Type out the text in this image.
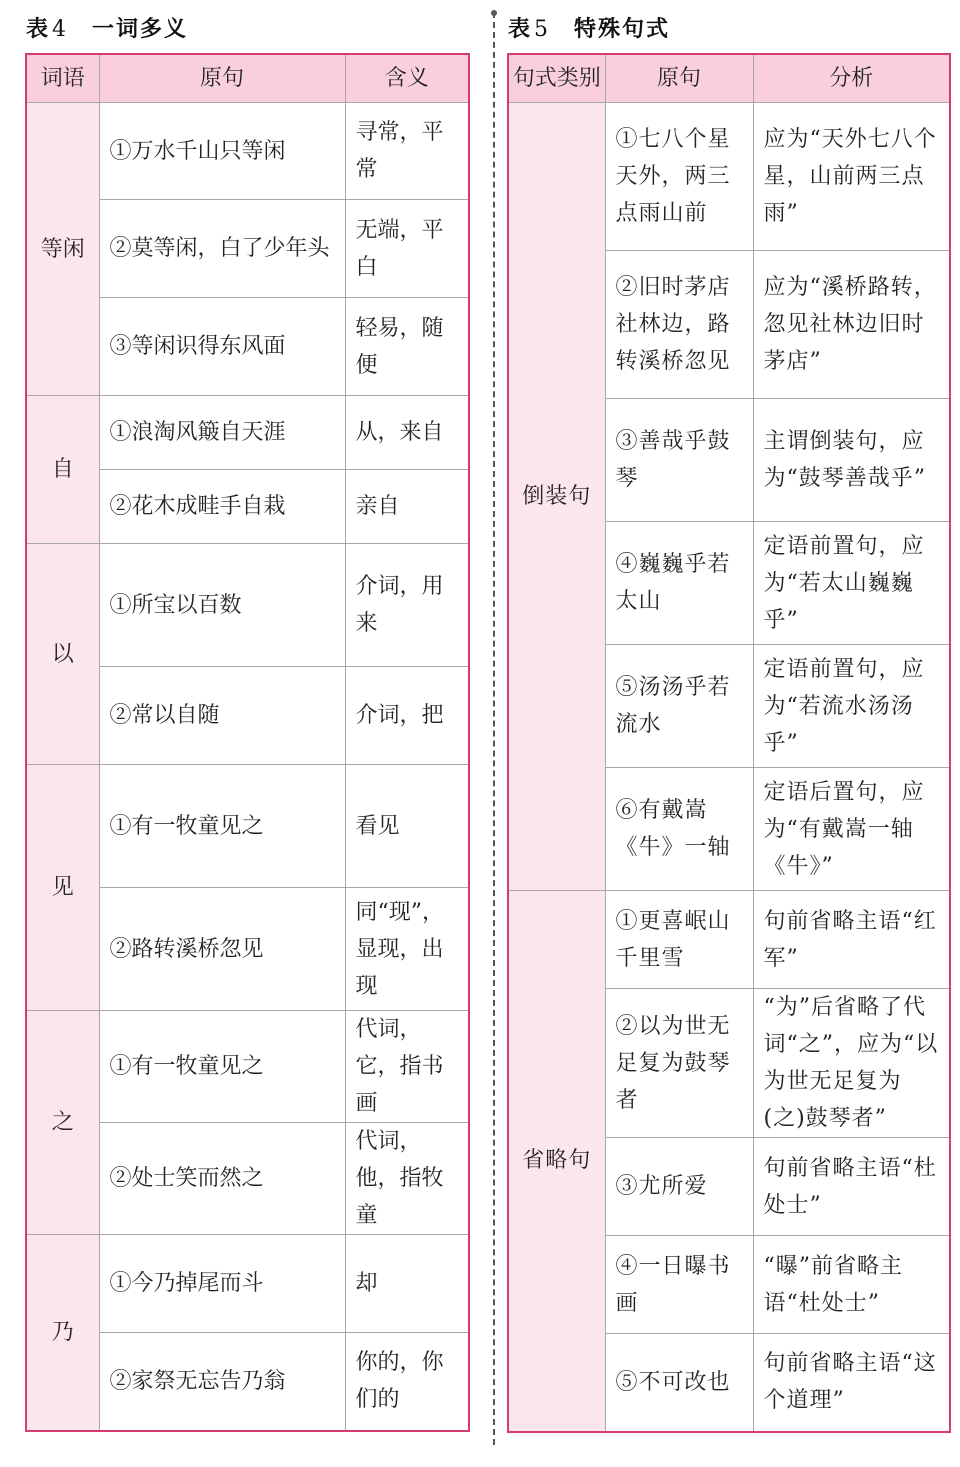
表 4 一词多义	表 5 特殊句式
词语	原句	含义
等闲	①万水千山只等闲	寻常，平常
	②莫等闲，白了少年头	无端，平白
	③等闲识得东风面	轻易，随便
自	①浪淘风簸自天涯	从，来自
	②花木成畦手自栽	亲自
以	①所宝以百数	介词，用来
	②常以自随	介词，把
见	①有一牧童见之	看见
	②路转溪桥忽见	同“现”，显现，出现
之	①有一牧童见之	代词，它，指书画
	②处士笑而然之	代词，他，指牧童
乃	①今乃掉尾而斗	却
	②家祭无忘告乃翁	你的，你们的
句式类别	原句	分析
倒装句	①七八个星天外，两三点雨山前	应为“天外七八个星，山前两三点雨”
	②旧时茅店社林边，路转溪桥忽见	应为“溪桥路转，忽见社林边旧时茅店”
	③善哉乎鼓琴	主谓倒装句，应为“鼓琴善哉乎”
	④巍巍乎若太山	定语前置句，应为“若太山巍巍乎”
	⑤汤汤乎若流水	定语前置句，应为“若流水汤汤乎”
	⑥有戴嵩《牛》一轴	定语后置句，应为“有戴嵩一轴《牛》”
省略句	①更喜岷山千里雪	句前省略主语“红军”
	②以为世无足复为鼓琴者	“为”后省略了代词“之”，应为“以为世无足复为(之)鼓琴者”
	③尤所爱	句前省略主语“杜处士”
	④一日曝书画	“曝”前省略主语“杜处士”
	⑤不可改也	句前省略主语“这个道理”
